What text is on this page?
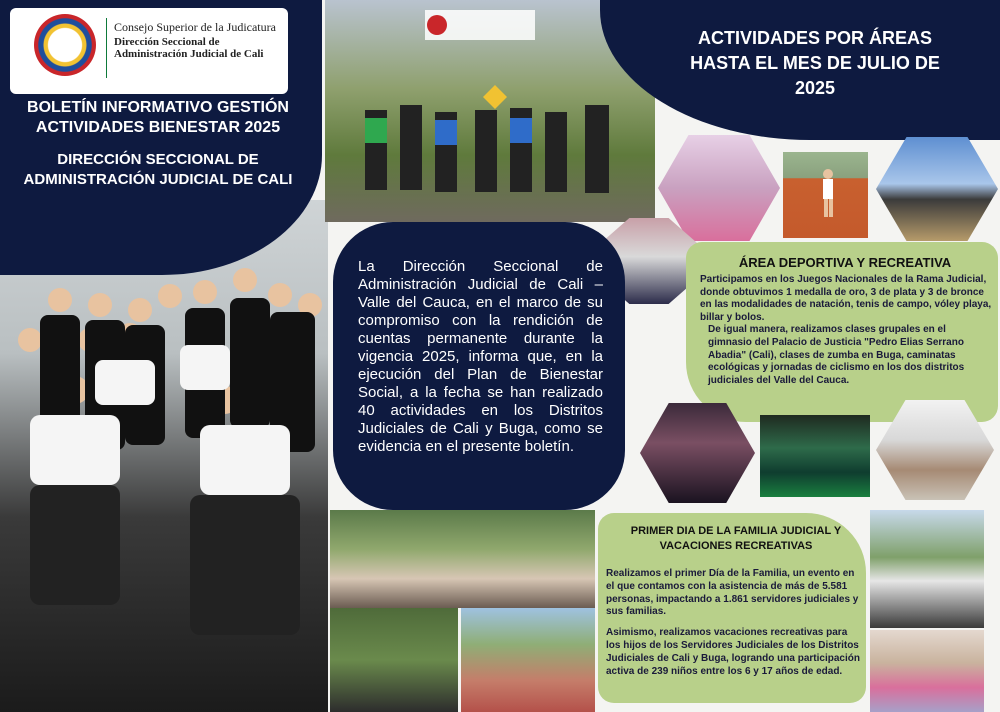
Consejo Superior de la Judicatura
Dirección Seccional de Administración Judicial de Cali
BOLETÍN INFORMATIVO GESTIÓN ACTIVIDADES BIENESTAR 2025
DIRECCIÓN SECCIONAL DE ADMINISTRACIÓN JUDICIAL DE CALI
ACTIVIDADES POR ÁREAS HASTA EL MES DE JULIO DE 2025
La Dirección Seccional de Administración Judicial de Cali – Valle del Cauca, en el marco de su compromiso con la rendición de cuentas permanente durante la vigencia 2025, informa que, en la ejecución del Plan de Bienestar Social, a la fecha se han realizado 40 actividades en los Distritos Judiciales de Cali y Buga, como se evidencia en el presente boletín.
ÁREA DEPORTIVA Y RECREATIVA
Participamos en los Juegos Nacionales de la Rama Judicial, donde obtuvimos 1 medalla de oro, 3 de plata y 3 de bronce en las modalidades de natación, tenis de campo, vóley playa, billar y bolos.
De igual manera, realizamos clases grupales en el gimnasio del Palacio de Justicia "Pedro Elias Serrano Abadia" (Cali), clases de zumba en Buga, caminatas ecológicas y jornadas de ciclismo en los dos distritos judiciales del Valle del Cauca.
PRIMER DIA DE LA FAMILIA JUDICIAL Y VACACIONES RECREATIVAS
Realizamos el primer Día de la Familia, un evento en el que contamos con la asistencia de más de 5.581 personas, impactando a 1.861 servidores judiciales y sus familias.
Asimismo, realizamos vacaciones recreativas para los hijos de los Servidores Judiciales de los Distritos Judiciales de Cali y Buga, logrando una participación activa de 239 niños entre los 6 y 17 años de edad.
